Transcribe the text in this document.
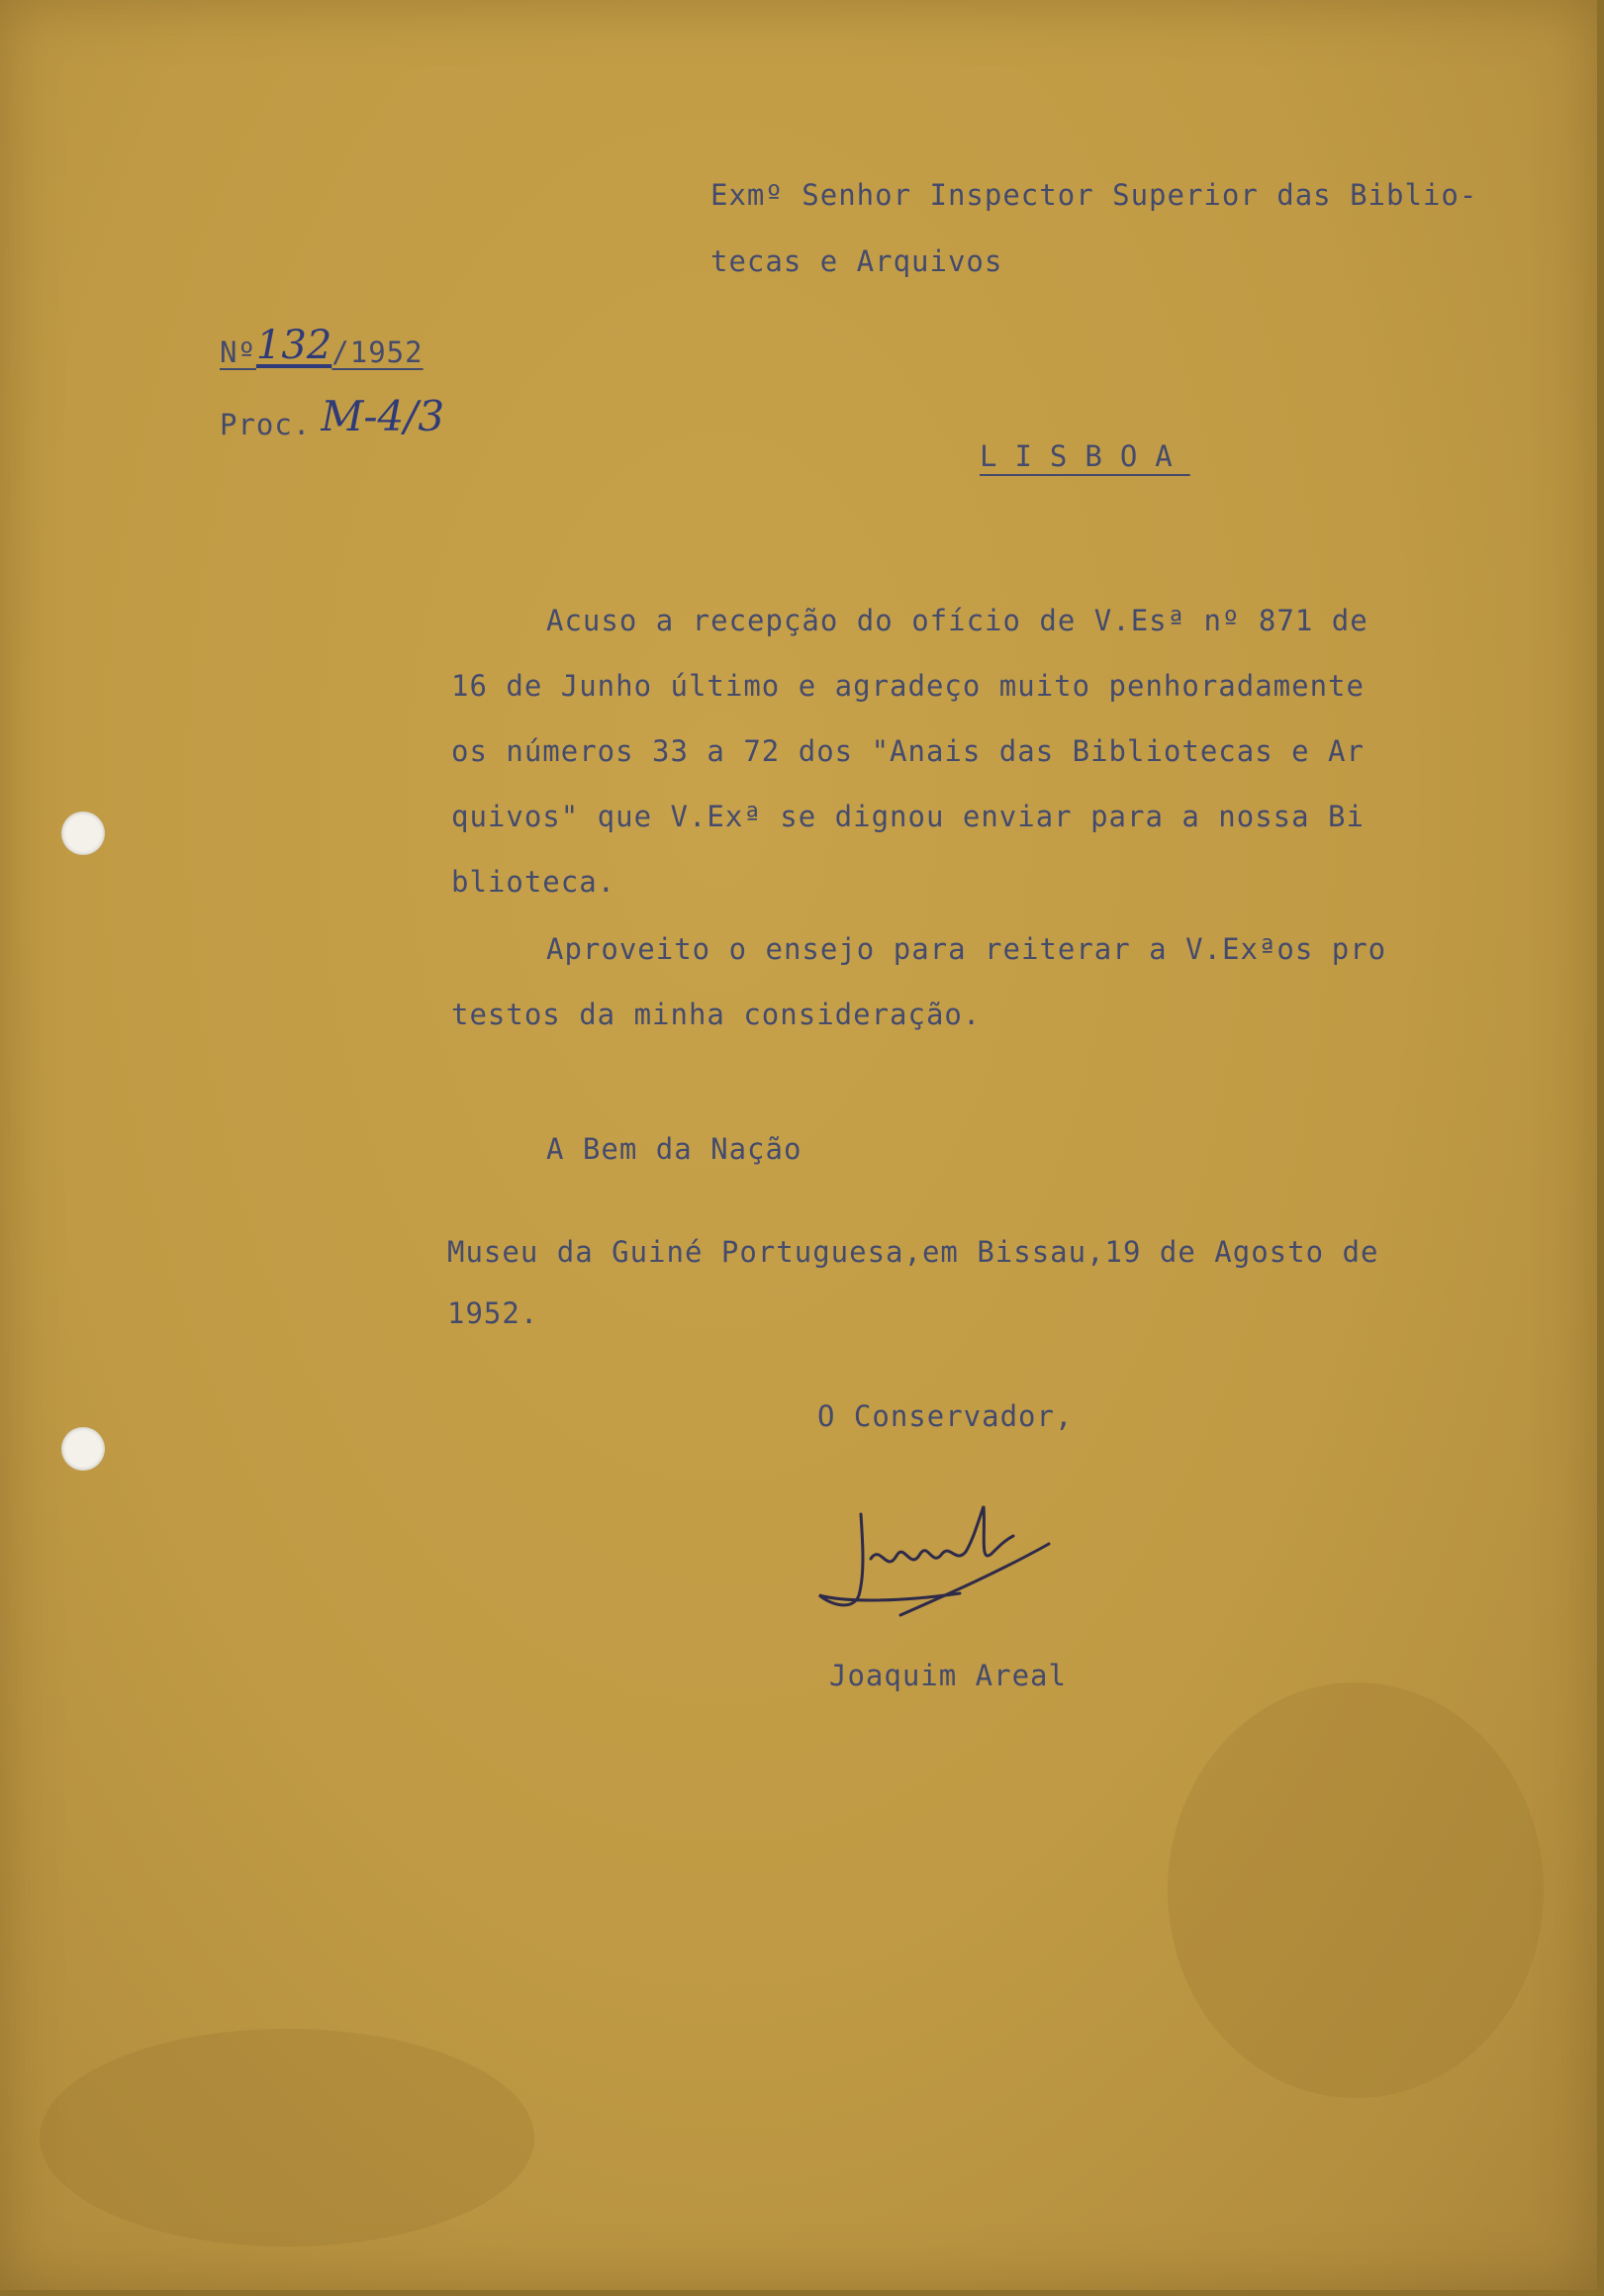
Exmº Senhor Inspector Superior das Biblio-
tecas e Arquivos
Nº132/1952
Proc. M-4/3
LISBOA
Acuso a recepção do ofício de V.Esª nº 871 de
16 de Junho último e agradeço muito penhoradamente
os números 33 a 72 dos "Anais das Bibliotecas e Ar
quivos" que V.Exª se dignou enviar para a nossa Bi
blioteca.
Aproveito o ensejo para reiterar a V.Exªos pro
testos da minha consideração.
A Bem da Nação
Museu da Guiné Portuguesa,em Bissau,19 de Agosto de
1952.
O Conservador,
Joaquim Areal
